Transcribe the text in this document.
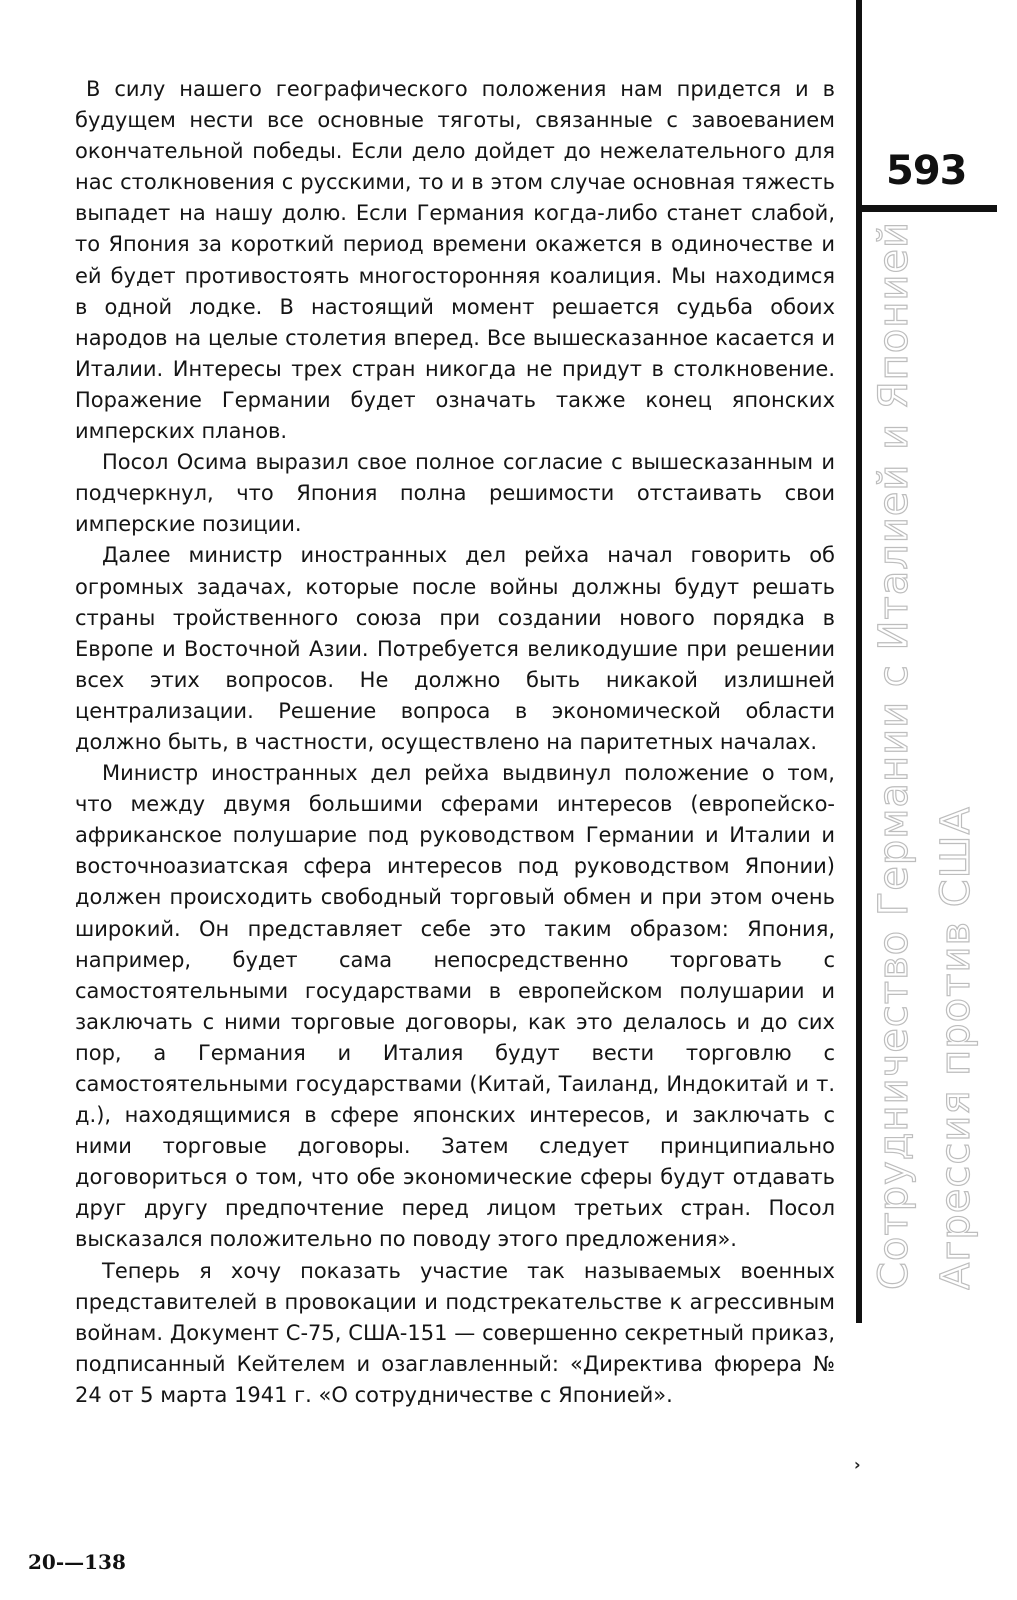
В силу нашего географического положения нам придется и в будущем нести все основные тяготы, связанные с завоеванием окончательной победы. Если дело дойдет до нежелательного для нас столкновения с русскими, то и в этом случае основная тяжесть выпадет на нашу долю. Если Германия когда-либо станет слабой, то Япония за короткий период времени окажется в одиночестве и ей будет противостоять многосторонняя коалиция. Мы находимся в одной лодке. В настоящий момент решается судьба обоих народов на целые столетия вперед. Все вышесказанное касается и Италии. Интересы трех стран никогда не придут в столкновение. Поражение Германии будет означать также конец японских имперских планов.

Посол Осима выразил свое полное согласие с вышесказанным и подчеркнул, что Япония полна решимости отстаивать свои имперские позиции.

Далее министр иностранных дел рейха начал говорить об огромных задачах, которые после войны должны будут решать страны тройственного союза при создании нового порядка в Европе и Восточной Азии. Потребуется великодушие при решении всех этих вопросов. Не должно быть никакой излишней централизации. Решение вопроса в экономической области должно быть, в частности, осуществлено на паритетных началах.

Министр иностранных дел рейха выдвинул положение о том, что между двумя большими сферами интересов (европейско-африканское полушарие под руководством Германии и Италии и восточноазиатская сфера интересов под руководством Японии) должен происходить свободный торговый обмен и при этом очень широкий. Он представляет себе это таким образом: Япония, например, будет сама непосредственно торговать с самостоятельными государствами в европейском полушарии и заключать с ними торговые договоры, как это делалось и до сих пор, а Германия и Италия будут вести торговлю с самостоятельными государствами (Китай, Таиланд, Индокитай и т. д.), находящимися в сфере японских интересов, и заключать с ними торговые договоры. Затем следует принципиально договориться о том, что обе экономические сферы будут отдавать друг другу предпочтение перед лицом третьих стран. Посол высказался положительно по поводу этого предложения».

Теперь я хочу показать участие так называемых военных представителей в провокации и подстрекательстве к агрессивным войнам. Документ С-75, США-151 — совершенно секретный приказ, подписанный Кейтелем и озаглавленный: «Директива фюрера № 24 от 5 марта 1941 г. «О сотрудничестве с Японией».

593
Сотрудничество Германии с Италией и Японией Агрессия против США
›
20-—138
